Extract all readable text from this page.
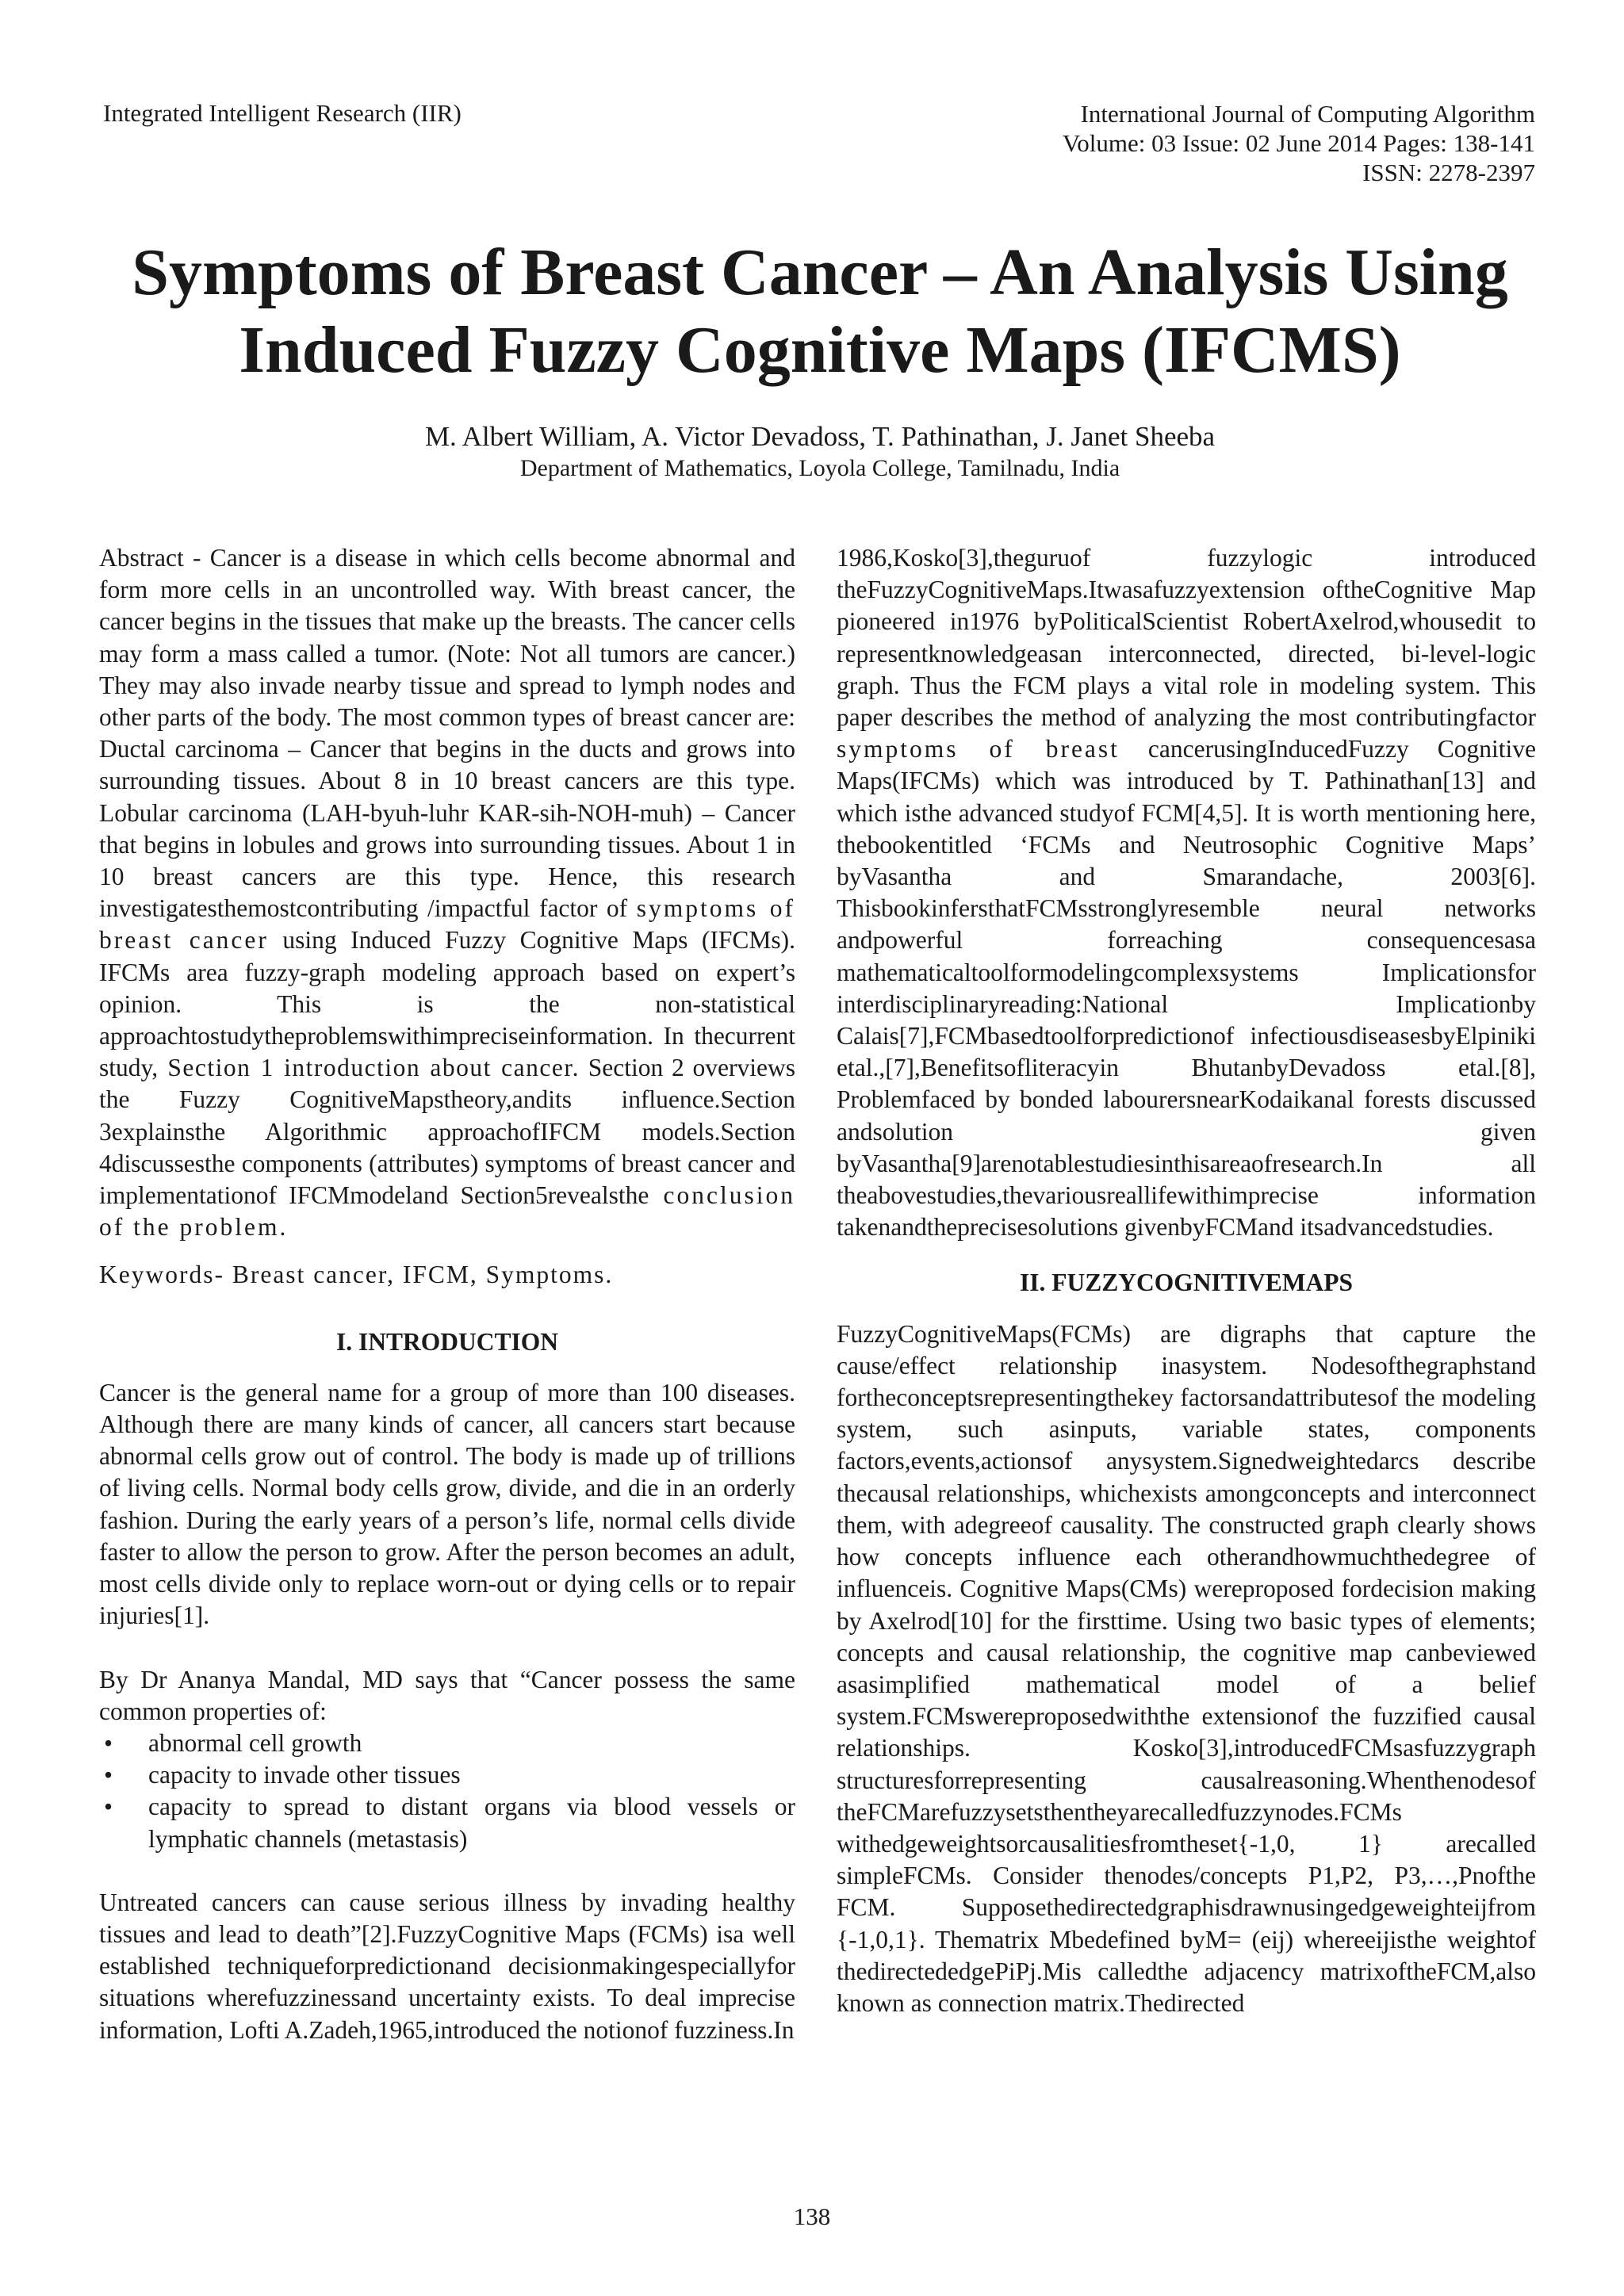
Integrated Intelligent Research (IIR)	International Journal of Computing Algorithm
Volume: 03 Issue: 02 June 2014 Pages: 138-141
ISSN: 2278-2397
Symptoms of Breast Cancer – An Analysis Using
Induced Fuzzy Cognitive Maps (IFCMS)
M. Albert William, A. Victor Devadoss, T. Pathinathan, J. Janet Sheeba
Department of Mathematics, Loyola College, Tamilnadu, India

Abstract - Cancer is a disease in which cells become abnormal and form more cells in an uncontrolled way. With breast cancer, the cancer begins in the tissues that make up the breasts. The cancer cells may form a mass called a tumor. (Note: Not all tumors are cancer.) They may also invade nearby tissue and spread to lymph nodes and other parts of the body. The most common types of breast cancer are: Ductal carcinoma – Cancer that begins in the ducts and grows into surrounding tissues. About 8 in 10 breast cancers are this type. Lobular carcinoma (LAH-byuh-luhr KAR-sih-NOH-muh) – Cancer that begins in lobules and grows into surrounding tissues. About 1 in 10 breast cancers are this type. Hence, this research investigatesthemostcontributing /impactful factor of symptoms of breast cancer using Induced Fuzzy Cognitive Maps (IFCMs). IFCMs area fuzzy-graph modeling approach based on expert’s opinion. This is the non-statistical approachtostudytheproblemswithimpreciseinformation. In thecurrent study, Section 1 introduction about cancer. Section 2 overviews the Fuzzy CognitiveMapstheory,andits influence.Section 3explainsthe Algorithmic approachofIFCM models.Section 4discussesthe components (attributes) symptoms of breast cancer and implementationof IFCMmodeland Section5revealsthe conclusion of the problem.

Keywords- Breast cancer, IFCM, Symptoms.

I. INTRODUCTION

Cancer is the general name for a group of more than 100 diseases. Although there are many kinds of cancer, all cancers start because abnormal cells grow out of control. The body is made up of trillions of living cells. Normal body cells grow, divide, and die in an orderly fashion. During the early years of a person’s life, normal cells divide faster to allow the person to grow. After the person becomes an adult, most cells divide only to replace worn-out or dying cells or to repair injuries[1].

By Dr Ananya Mandal, MD says that “Cancer possess the same common properties of:

• abnormal cell growth
• capacity to invade other tissues
• capacity to spread to distant organs via blood vessels or lymphatic channels (metastasis)

Untreated cancers can cause serious illness by invading healthy tissues and lead to death”[2].FuzzyCognitive Maps (FCMs) isa well established techniqueforpredictionand decisionmakingespeciallyfor situations wherefuzzinessand uncertainty exists. To deal imprecise information, Lofti A.Zadeh,1965,introduced the notionof fuzziness.In

1986,Kosko[3],theguruof fuzzylogic introduced theFuzzyCognitiveMaps.Itwasafuzzyextension oftheCognitive Map pioneered in1976 byPoliticalScientist RobertAxelrod,whousedit to representknowledgeasan interconnected, directed, bi-level-logic graph. Thus the FCM plays a vital role in modeling system. This paper describes the method of analyzing the most contributingfactor symptoms of breast cancerusingInducedFuzzy Cognitive Maps(IFCMs) which was introduced by T. Pathinathan[13] and which isthe advanced studyof FCM[4,5]. It is worth mentioning here, thebookentitled ‘FCMs and Neutrosophic Cognitive Maps’ byVasantha and Smarandache, 2003[6]. ThisbookinfersthatFCMsstronglyresemble neural networks andpowerful forreaching consequencesasa mathematicaltoolformodelingcomplexsystems Implicationsfor interdisciplinaryreading:National Implicationby Calais[7],FCMbasedtoolforpredictionof infectiousdiseasesbyElpiniki etal.,[7],Benefitsofliteracyin BhutanbyDevadoss etal.[8], Problemfaced by bonded labourersnearKodaikanal forests discussed andsolution given byVasantha[9]arenotablestudiesinthisareaofresearch.In all theabovestudies,thevariousreallifewithimprecise information takenandtheprecisesolutions givenbyFCMand itsadvancedstudies.

II. FUZZYCOGNITIVEMAPS

FuzzyCognitiveMaps(FCMs) are digraphs that capture the cause/effect relationship inasystem. Nodesofthegraphstand fortheconceptsrepresentingthekey factorsandattributesof the modeling system, such asinputs, variable states, components factors,events,actionsof anysystem.Signedweightedarcs describe thecausal relationships, whichexists amongconcepts and interconnect them, with adegreeof causality. The constructed graph clearly shows how concepts influence each otherandhowmuchthedegree of influenceis. Cognitive Maps(CMs) wereproposed fordecision making by Axelrod[10] for the firsttime. Using two basic types of elements; concepts and causal relationship, the cognitive map canbeviewed asasimplified mathematical model of a belief system.FCMswereproposedwiththe extensionof the fuzzified causal relationships. Kosko[3],introducedFCMsasfuzzygraph structuresforrepresenting causalreasoning.Whenthenodesof theFCMarefuzzysetsthentheyarecalledfuzzynodes.FCMs withedgeweightsorcausalitiesfromtheset{-1,0, 1} arecalled simpleFCMs. Consider thenodes/concepts P1,P2, P3,…,Pnofthe FCM. Supposethedirectedgraphisdrawnusingedgeweighteijfrom {-1,0,1}. Thematrix Mbedefined byM= (eij) whereeijisthe weightof thedirectededgePiPj.Mis calledthe adjacency matrixoftheFCM,also known as connection matrix.Thedirected

138
